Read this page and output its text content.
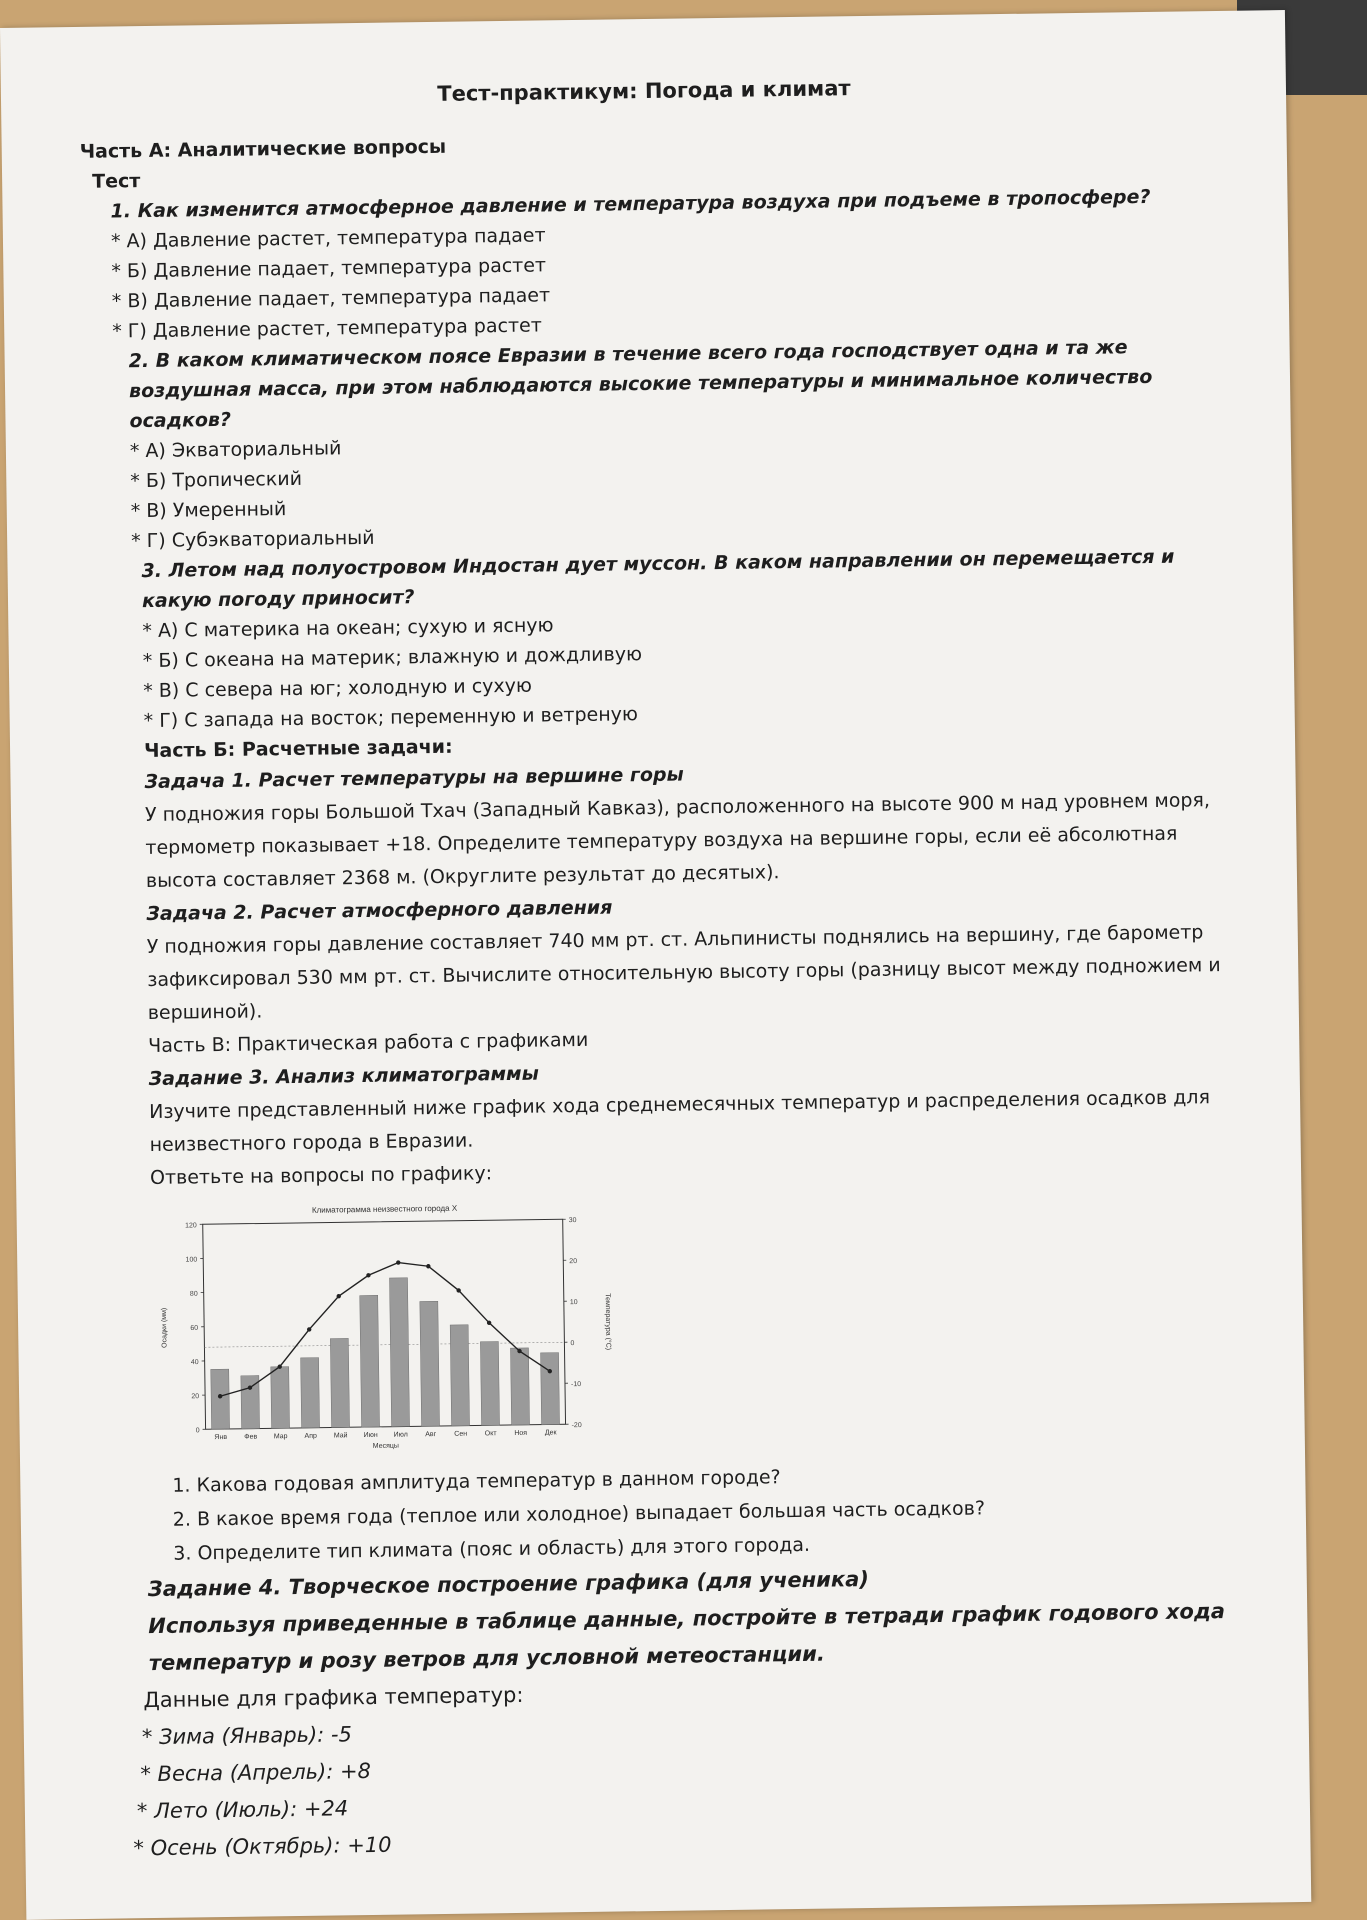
Тест-практикум: Погода и климат

Часть А: Аналитические вопросы

Тест

1. Как изменится атмосферное давление и температура воздуха при подъеме в тропосфере?

* А) Давление растет, температура падает

* Б) Давление падает, температура растет

* В) Давление падает, температура падает

* Г) Давление растет, температура растет

2. В каком климатическом поясе Евразии в течение всего года господствует одна и та же

воздушная масса, при этом наблюдаются высокие температуры и минимальное количество

осадков?

* А) Экваториальный

* Б) Тропический

* В) Умеренный

* Г) Субэкваториальный

3. Летом над полуостровом Индостан дует муссон. В каком направлении он перемещается и

какую погоду приносит?

* А) С материка на океан; сухую и ясную

* Б) С океана на материк; влажную и дождливую

* В) С севера на юг; холодную и сухую

* Г) С запада на восток; переменную и ветреную

Часть Б: Расчетные задачи:

Задача 1. Расчет температуры на вершине горы

У подножия горы Большой Тхач (Западный Кавказ), расположенного на высоте 900 м над уровнем моря,

термометр показывает +18. Определите температуру воздуха на вершине горы, если её абсолютная

высота составляет 2368 м. (Округлите результат до десятых).

Задача 2. Расчет атмосферного давления

У подножия горы давление составляет 740 мм рт. ст. Альпинисты поднялись на вершину, где барометр

зафиксировал 530 мм рт. ст. Вычислите относительную высоту горы (разницу высот между подножием и

вершиной).

Часть В: Практическая работа с графиками

Задание 3. Анализ климатограммы

Изучите представленный ниже график хода среднемесячных температур и распределения осадков для

неизвестного города в Евразии.

Ответьте на вопросы по графику:

Климатограмма неизвестного города Х
Осадки (мм)	Температура (°С)
Месяцы
0
20
40
60
80
100
120
-20
-10
0
10
20
30
Янв Фев Мар Апр Май Июн Июл Авг	Сен	Окт	Ноя	Дек

1. Какова годовая амплитуда температур в данном городе?

2. В какое время года (теплое или холодное) выпадает большая часть осадков?

3. Определите тип климата (пояс и область) для этого города.

Задание 4. Творческое построение графика (для ученика)

Используя приведенные в таблице данные, постройте в тетради график годового хода

температур и розу ветров для условной метеостанции.

Данные для графика температур:

* Зима (Январь): -5

* Весна (Апрель): +8

* Лето (Июль): +24

* Осень (Октябрь): +10
